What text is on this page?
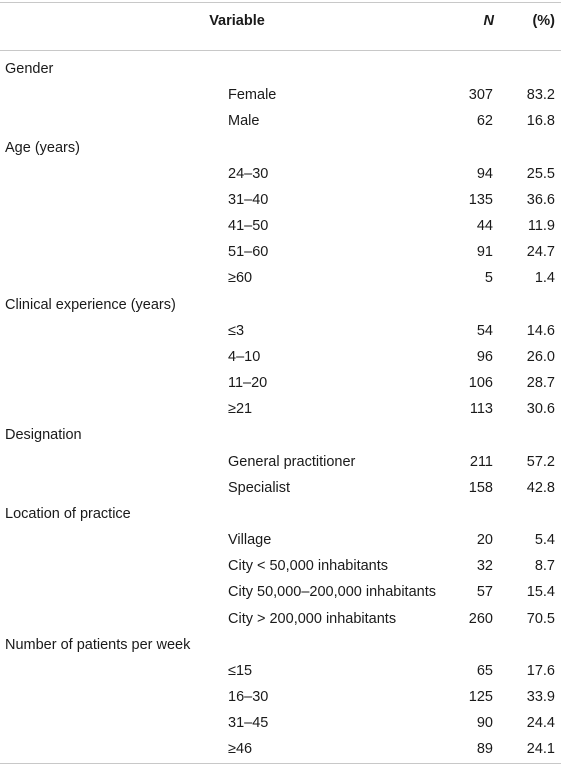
Variable	N	(%)
Gender
Female	307	83.2
Male	62	16.8
Age (years)
24–30	94	25.5
31–40	135	36.6
41–50	44	11.9
51–60	91	24.7
≥60	5	1.4
Clinical experience (years)
≤3	54	14.6
4–10	96	26.0
11–20	106	28.7
≥21	113	30.6
Designation
General practitioner	211	57.2
Specialist	158	42.8
Location of practice
Village	20	5.4
City < 50,000 inhabitants	32	8.7
City 50,000–200,000 inhabitants	57	15.4
City > 200,000 inhabitants	260	70.5
Number of patients per week
≤15	65	17.6
16–30	125	33.9
31–45	90	24.4
≥46	89	24.1
